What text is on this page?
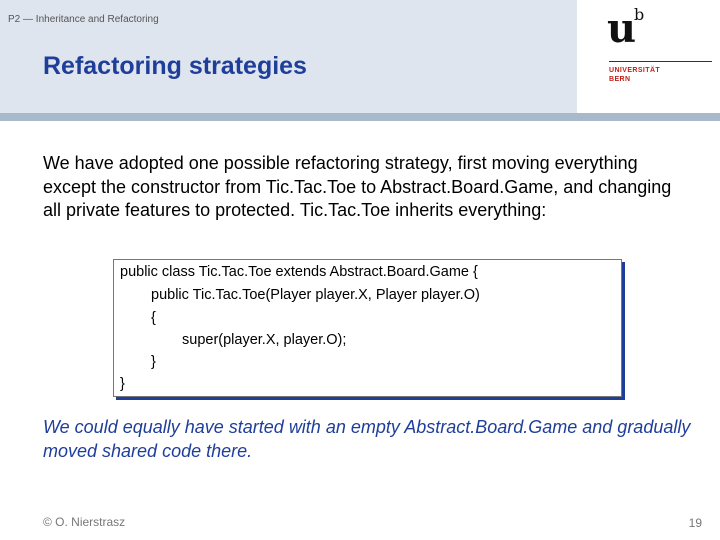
P2 — Inheritance and Refactoring
Refactoring strategies
u
b
UNIVERSITÄT
BERN
We have adopted one possible refactoring strategy, first moving everything except the constructor from Tic.Tac.Toe to Abstract.Board.Game, and changing all private features to protected. Tic.Tac.Toe inherits everything:
public class Tic.Tac.Toe extends Abstract.Board.Game {
public Tic.Tac.Toe(Player player.X, Player player.O)
{
super(player.X, player.O);
}
}
We could equally have started with an empty Abstract.Board.Game and gradually moved shared code there.
© O. Nierstrasz	19
